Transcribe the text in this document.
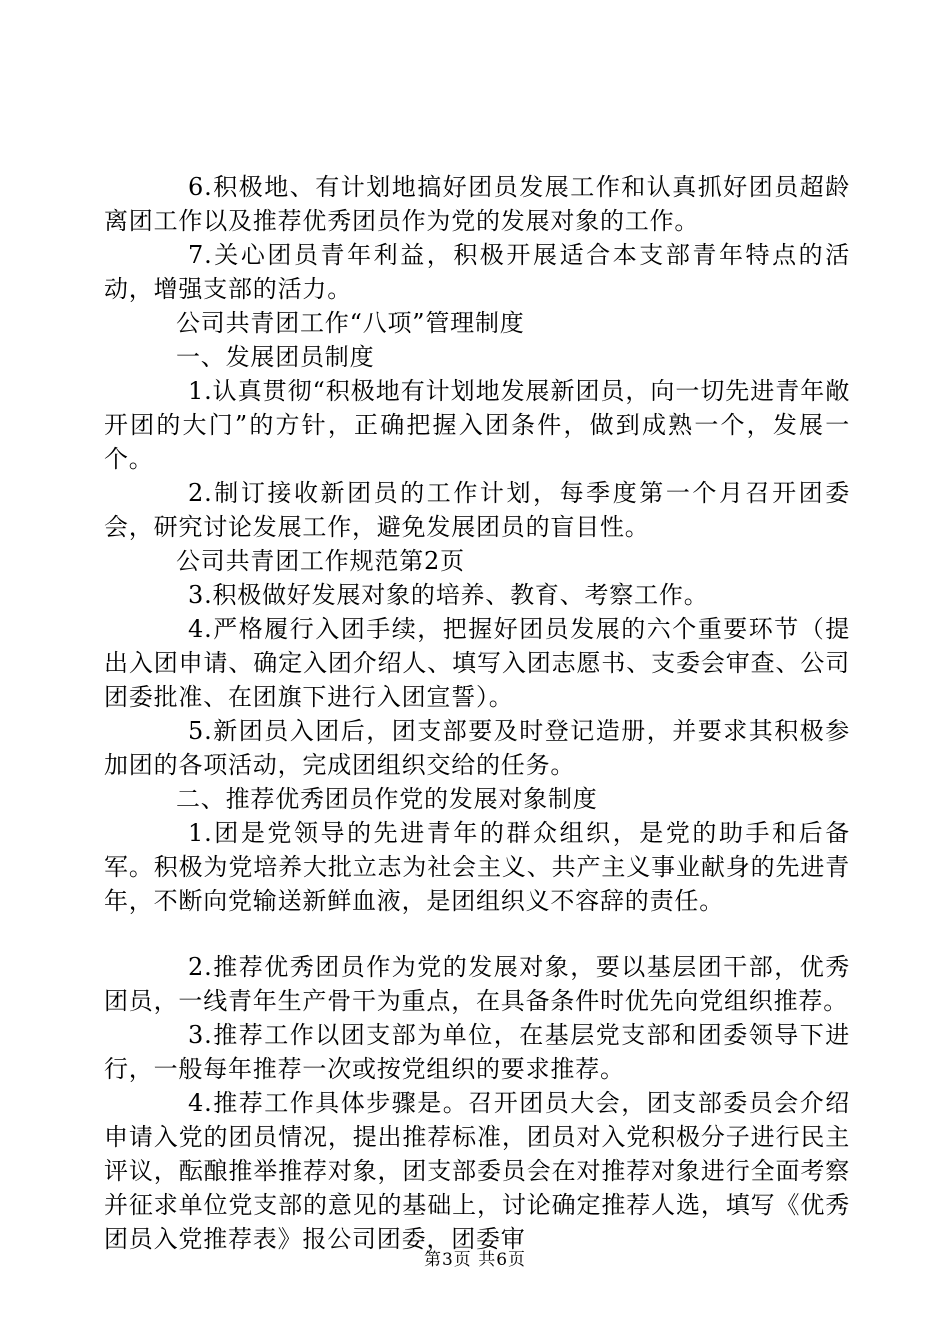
6.积极地、有计划地搞好团员发展工作和认真抓好团员超龄离团工作以及推荐优秀团员作为党的发展对象的工作。

7.关心团员青年利益，积极开展适合本支部青年特点的活动，增强支部的活力。

公司共青团工作“八项”管理制度

一、发展团员制度

1.认真贯彻“积极地有计划地发展新团员，向一切先进青年敞开团的大门”的方针，正确把握入团条件，做到成熟一个，发展一个。

2.制订接收新团员的工作计划，每季度第一个月召开团委会，研究讨论发展工作，避免发展团员的盲目性。

公司共青团工作规范第2页

3.积极做好发展对象的培养、教育、考察工作。

4.严格履行入团手续，把握好团员发展的六个重要环节（提出入团申请、确定入团介绍人、填写入团志愿书、支委会审查、公司团委批准、在团旗下进行入团宣誓）。

5.新团员入团后，团支部要及时登记造册，并要求其积极参加团的各项活动，完成团组织交给的任务。

二、推荐优秀团员作党的发展对象制度

1.团是党领导的先进青年的群众组织，是党的助手和后备军。积极为党培养大批立志为社会主义、共产主义事业献身的先进青年，不断向党输送新鲜血液，是团组织义不容辞的责任。

2.推荐优秀团员作为党的发展对象，要以基层团干部，优秀团员，一线青年生产骨干为重点，在具备条件时优先向党组织推荐。

3.推荐工作以团支部为单位，在基层党支部和团委领导下进行，一般每年推荐一次或按党组织的要求推荐。

4.推荐工作具体步骤是。召开团员大会，团支部委员会介绍申请入党的团员情况，提出推荐标准，团员对入党积极分子进行民主评议，酝酿推举推荐对象，团支部委员会在对推荐对象进行全面考察并征求单位党支部的意见的基础上，讨论确定推荐人选，填写《优秀团员入党推荐表》报公司团委，团委审

第3页 共6页
